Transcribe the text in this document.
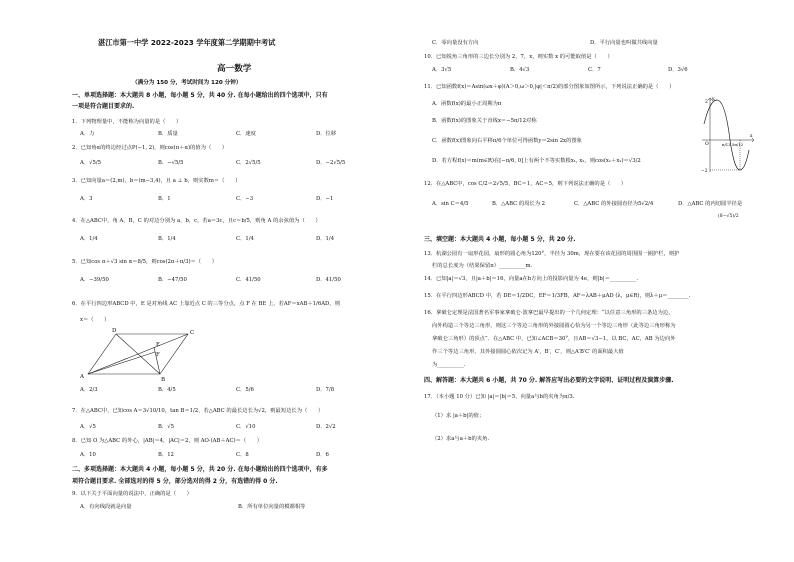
湛江市第一中学 2022-2023 学年度第二学期期中考试
高一数学
（满分为 150 分，考试时间为 120 分钟）
一、单项选择题：本大题共 8 小题，每小题 5 分，共 40 分. 在每小题给出的四个选项中，只有
一项是符合题目要求的.
1．下列物理量中，不能称为向量的是（　　）
A．力	B．质量	C．速度	D．位移
2．已知角α的终边经过点P(−1, 2)，则cos(π＋α)的值为（　　）
A．√5/5	B．−√5/5	C．2√5/5	D．−2√5/5
3．已知向量a＝(2,m)，b＝(m−3,4)，且 a ⊥ b，则实数m＝（　　）
A．3	B．1	C．−3	D．−1
4．在△ABC中，角 A，B，C 的对边分别为 a，b，c，若a＝3c，且c＝b/5，则角 A 的余弦值为（　　）
A．1/4	B．1/4	C．1/4	D．1/4
5．已知cos α＋√3 sin α＝8/5，则cos(2α＋π/3)＝（　　）
A．−39/50	B．−47/50	C．41/50	D．41/50
6．在平行四边形ABCD 中，E 是对角线 AC 上靠近点 C 的三等分点，点 F 在 BE 上，若AF＝xAB＋1/6AD，则
x＝（　　）
A	B
C
D
E
F
A．2/3	B．4/5	C．5/6	D．7/8
7．在△ABC中，已知cos A＝3√10/10，tan B＝1/2，若△ABC 的最长边长为√2，则最短边长为（　　）
A．√5	B．√5	C．√10	D．2√2
8．已知 O 为△ABC 的外心，|AB|＝4，|AC|＝2，则 AO·(AB＋AC)＝（　　）
A．10	B．12	C．8	D．6
二、多项选择题：本大题共 4 小题，每小题 5 分，共 20 分. 在每小题给出的四个选项中，有多
项符合题目要求. 全部选对的得 5 分，部分选对的得 2 分，有选错的得 0 分.
9．以下关于平面向量的说法中，正确的是（　　）
A．有向线段就是向量	B．所有单位向量的模都相等
C．零向量没有方向	D．平行向量也叫做共线向量
10．已知锐角三角形的三边长分别为 2，7，x，则实数 x 的可能取值是（　　）
A．3√5	B．4√3	C．7	D．3√6
11．已知函数f(x)＝Asin(ωx＋φ)(A＞0,ω＞0,|φ|＜π/2)的部分图象如图所示，下列说法正确的是（　　）
A．函数f(x)的最小正周期为π
B．函数f(x)的图象关于直线x＝−5π/12对称
C．函数f(x)图象向右平移π/6个单位可得函数y＝2sin 2x的图象
D．若方程f(x)＝m(m∈R)在[−π/6, 0]上有两个不等实数根x₁, x₂，则cos(x₁＋x₂)＝√3/2
y
x
2
−2
O	π/12 5π/12
12．在△ABC中，cos C/2＝2√5/5，BC＝1，AC＝5，则下列说法正确的是（　　）
A．sin C＝4/5	B．△ABC 的周长为 2	C．△ABC 的外接圆直径为5√2/4	D．△ABC 的内切圆半径是
(8−√5)/2
三、填空题：本大题共 4 小题，每小题 5 分，共 20 分.
13．杭湖公园有一扇形花园，扇形的圆心角为120°，半径为 30m，现在要在该花园的周围围一圈护栏，则护
栏的总长度为（结果保留π）__________m.
14．已知|a|＝√3，且|a＋b|＝16，向量a在b方向上的投影向量为 4e，则|b|＝__________.
15．在平行四边形ABCD 中，若 DE＝1/2DC，EF＝1/3FB，AF＝λAB＋μAD (λ，μ∈R)，则λ＋μ＝________.
16．拿破仑定理是法国著名军事家拿破仑·波拿巴最早提出的一个几何定理：“以任意三角形的三条边为边，
向外构造三个等边三角形，则这三个等边三角形的外接圆圆心恰为另一个等边三角形（此等边三角形称为
拿破仑三角形）的顶点”．在△ABC 中，已知∠ACB＝30°，且AB＝√3−1，以 BC，AC，AB 为边向外
作三个等边三角形，其外接圆圆心依次记为 A′，B′，C′，则△A′B′C′ 的面积最大值
为__________.
四、解答题：本大题共 6 小题，共 70 分. 解答应写出必要的文字说明、证明过程及演算步骤.
17．（本小题 10 分）已知 |a|＝|b|＝5，向量a与b的夹角为π/3.
（1）求 |a＋b|的值；
（2）求a与a＋b的夹角.
